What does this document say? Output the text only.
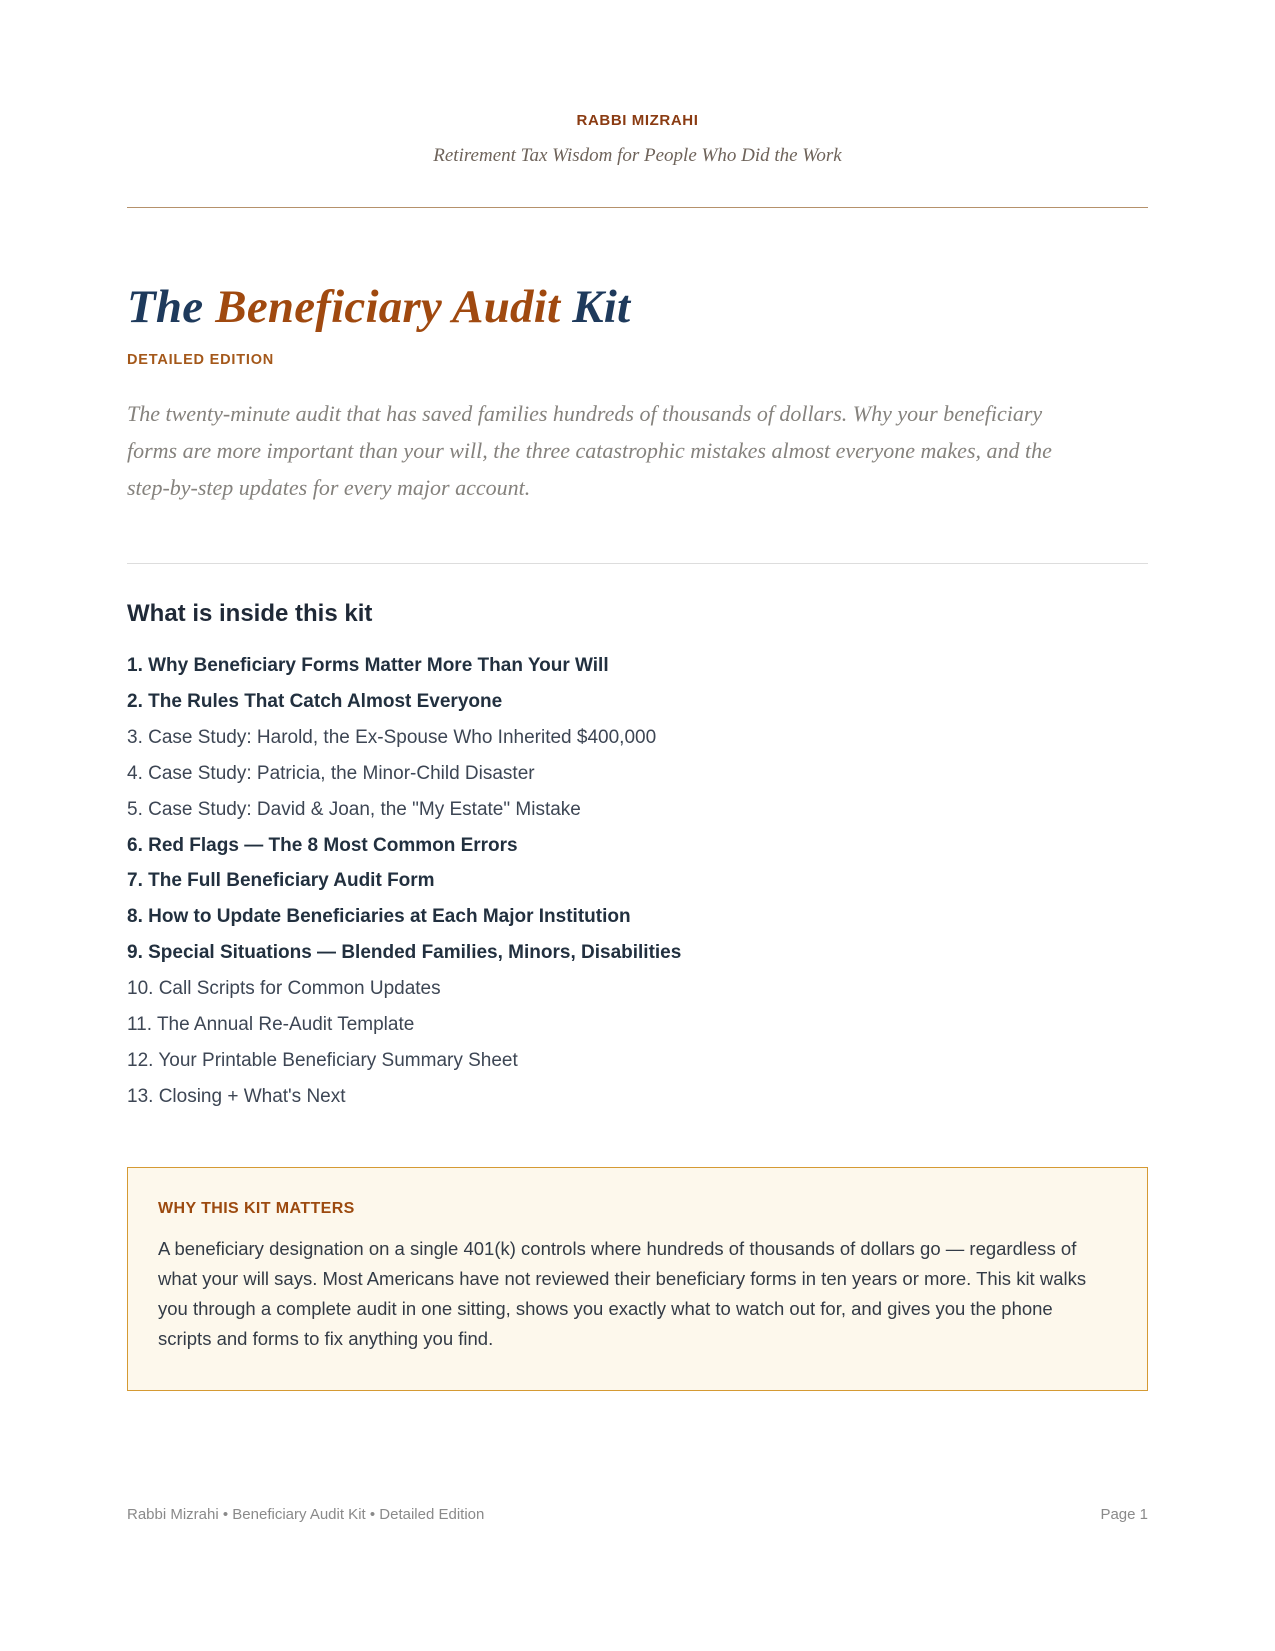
RABBI MIZRAHI
Retirement Tax Wisdom for People Who Did the Work
The Beneficiary Audit Kit
DETAILED EDITION

The twenty-minute audit that has saved families hundreds of thousands of dollars. Why your beneficiary forms are more important than your will, the three catastrophic mistakes almost everyone makes, and the step-by-step updates for every major account.

What is inside this kit
1. Why Beneficiary Forms Matter More Than Your Will
2. The Rules That Catch Almost Everyone
3. Case Study: Harold, the Ex-Spouse Who Inherited $400,000
4. Case Study: Patricia, the Minor-Child Disaster
5. Case Study: David & Joan, the "My Estate" Mistake
6. Red Flags — The 8 Most Common Errors
7. The Full Beneficiary Audit Form
8. How to Update Beneficiaries at Each Major Institution
9. Special Situations — Blended Families, Minors, Disabilities
10. Call Scripts for Common Updates
11. The Annual Re-Audit Template
12. Your Printable Beneficiary Summary Sheet
13. Closing + What's Next
WHY THIS KIT MATTERS

A beneficiary designation on a single 401(k) controls where hundreds of thousands of dollars go — regardless of what your will says. Most Americans have not reviewed their beneficiary forms in ten years or more. This kit walks you through a complete audit in one sitting, shows you exactly what to watch out for, and gives you the phone scripts and forms to fix anything you find.

Rabbi Mizrahi • Beneficiary Audit Kit • Detailed Edition	Page 1
